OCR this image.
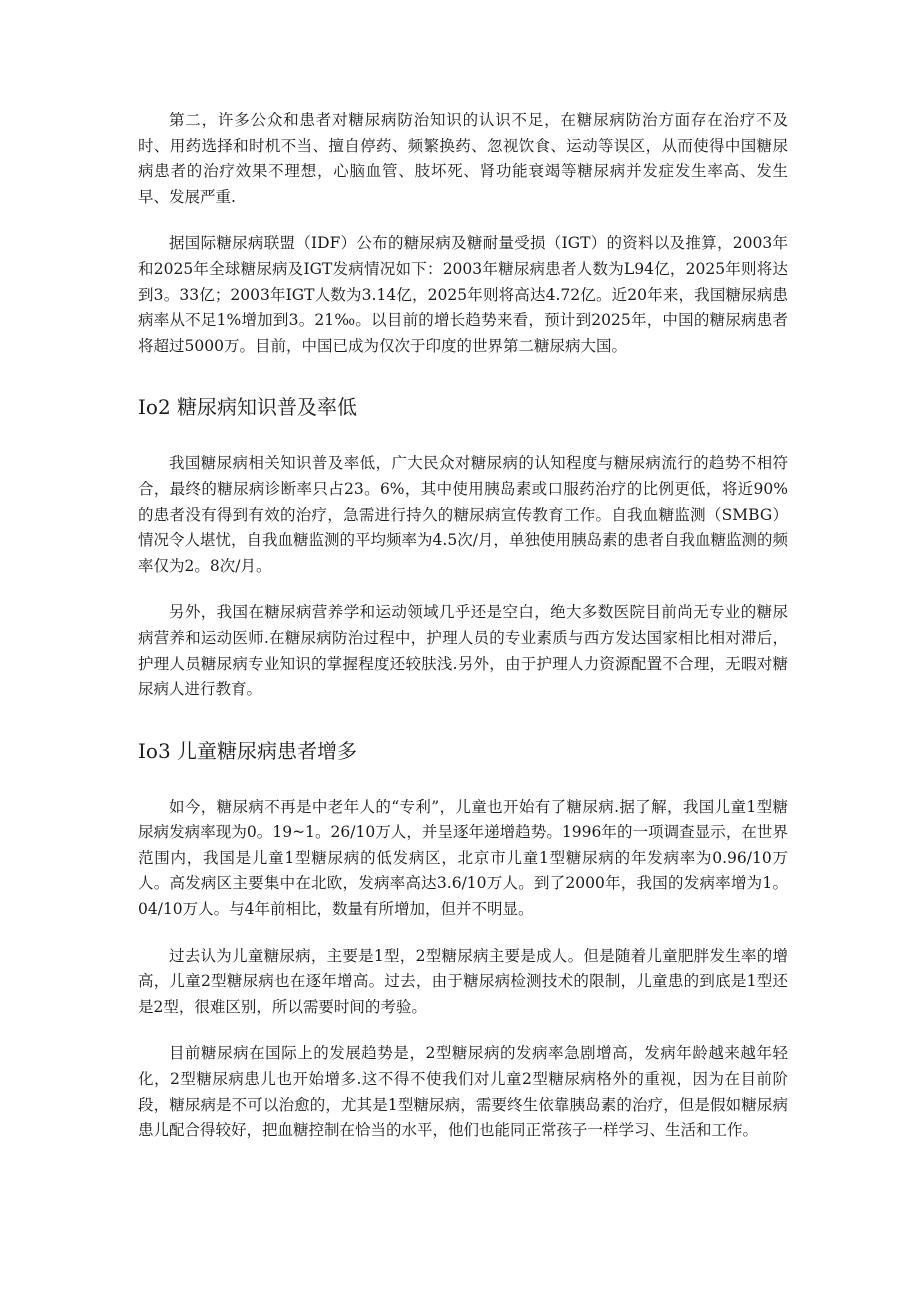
第二，许多公众和患者对糖尿病防治知识的认识不足，在糖尿病防治方面存在治疗不及时、用药选择和时机不当、擅自停药、频繁换药、忽视饮食、运动等误区，从而使得中国糖尿病患者的治疗效果不理想，心脑血管、肢坏死、肾功能衰竭等糖尿病并发症发生率高、发生早、发展严重.

据国际糖尿病联盟（IDF）公布的糖尿病及糖耐量受损（IGT）的资料以及推算，2003年和2025年全球糖尿病及IGT发病情况如下：2003年糖尿病患者人数为L94亿，2025年则将达到3。33亿；2003年IGT人数为3.14亿，2025年则将高达4.72亿。近20年来，我国糖尿病患病率从不足1%增加到3。21‰。以目前的增长趋势来看，预计到2025年，中国的糖尿病患者将超过5000万。目前，中国已成为仅次于印度的世界第二糖尿病大国。

Io2 糖尿病知识普及率低

我国糖尿病相关知识普及率低，广大民众对糖尿病的认知程度与糖尿病流行的趋势不相符合，最终的糖尿病诊断率只占23。6%，其中使用胰岛素或口服药治疗的比例更低，将近90%的患者没有得到有效的治疗，急需进行持久的糖尿病宣传教育工作。自我血糖监测（SMBG）情况令人堪忧，自我血糖监测的平均频率为4.5次/月，单独使用胰岛素的患者自我血糖监测的频率仅为2。8次/月。

另外，我国在糖尿病营养学和运动领域几乎还是空白，绝大多数医院目前尚无专业的糖尿病营养和运动医师.在糖尿病防治过程中，护理人员的专业素质与西方发达国家相比相对滞后，护理人员糖尿病专业知识的掌握程度还较肤浅.另外，由于护理人力资源配置不合理，无暇对糖尿病人进行教育。

Io3 儿童糖尿病患者增多

如今，糖尿病不再是中老年人的“专利”，儿童也开始有了糖尿病.据了解，我国儿童1型糖尿病发病率现为0。19~1。26/10万人，并呈逐年递增趋势。1996年的一项调查显示，在世界范围内，我国是儿童1型糖尿病的低发病区，北京市儿童1型糖尿病的年发病率为0.96/10万人。高发病区主要集中在北欧，发病率高达3.6/10万人。到了2000年，我国的发病率增为1。04/10万人。与4年前相比，数量有所增加，但并不明显。

过去认为儿童糖尿病，主要是1型，2型糖尿病主要是成人。但是随着儿童肥胖发生率的增高，儿童2型糖尿病也在逐年增高。过去，由于糖尿病检测技术的限制，儿童患的到底是1型还是2型，很难区别，所以需要时间的考验。

目前糖尿病在国际上的发展趋势是，2型糖尿病的发病率急剧增高，发病年龄越来越年轻化，2型糖尿病患儿也开始增多.这不得不使我们对儿童2型糖尿病格外的重视，因为在目前阶段，糖尿病是不可以治愈的，尤其是1型糖尿病，需要终生依靠胰岛素的治疗，但是假如糖尿病患儿配合得较好，把血糖控制在恰当的水平，他们也能同正常孩子一样学习、生活和工作。
